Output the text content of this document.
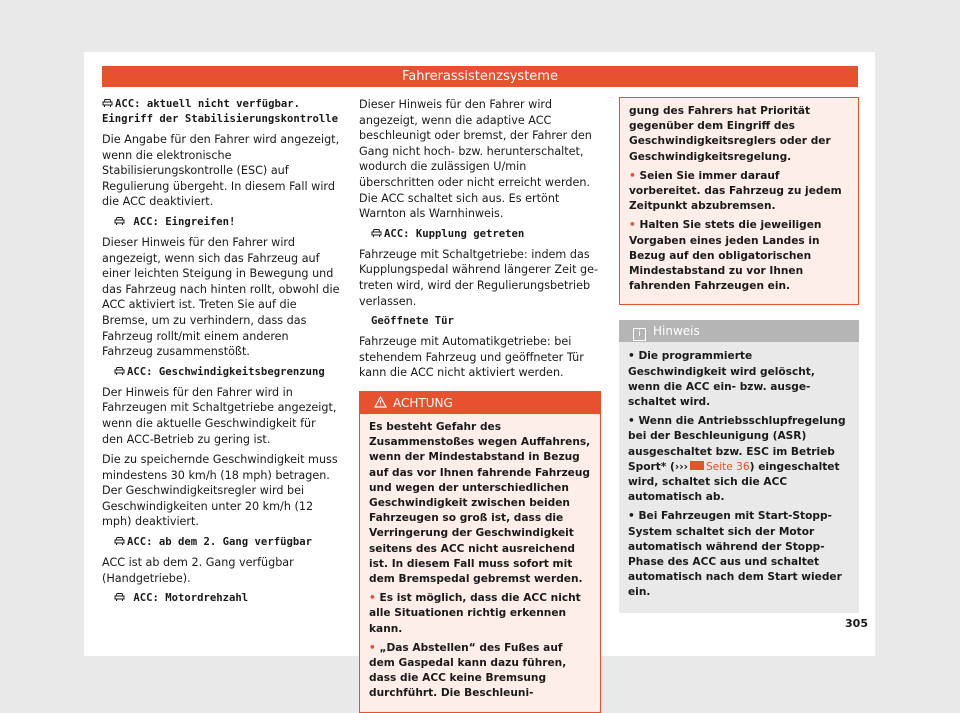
Fahrerassistenzsysteme
ACC: aktuell nicht verfügbar. Eingriff der Stabilisierungskontrolle

Die Angabe für den Fahrer wird angezeigt, wenn die elektronische Stabilisierungskontrolle (ESC) auf Regulierung übergeht. In diesem Fall wird die ACC deaktiviert.

ACC: Eingreifen!

Dieser Hinweis für den Fahrer wird angezeigt, wenn sich das Fahrzeug auf einer leichten Steigung in Bewegung und das Fahrzeug nach hinten rollt, obwohl die ACC aktiviert ist. Treten Sie auf die Bremse, um zu verhindern, dass das Fahrzeug rollt/mit einem anderen Fahrzeug zusammenstößt.

ACC: Geschwindigkeitsbegrenzung

Der Hinweis für den Fahrer wird in Fahrzeugen mit Schaltgetriebe angezeigt, wenn die aktuelle Geschwindigkeit für den ACC-Betrieb zu gering ist.

Die zu speichernde Geschwindigkeit muss mindestens 30 km/h (18 mph) betragen. Der Geschwindigkeitsregler wird bei Geschwindigkeiten unter 20 km/h (12 mph) deaktiviert.

ACC: ab dem 2. Gang verfügbar

ACC ist ab dem 2. Gang verfügbar (Handgetriebe).

ACC: Motordrehzahl

Dieser Hinweis für den Fahrer wird angezeigt, wenn die adaptive ACC beschleunigt oder bremst, der Fahrer den Gang nicht hoch- bzw. herunterschaltet, wodurch die zulässigen U/min überschritten oder nicht erreicht werden. Die ACC schaltet sich aus. Es ertönt Warnton als Warnhinweis.

ACC: Kupplung getreten

Fahrzeuge mit Schaltgetriebe: indem das Kupplungspedal während längerer Zeit getreten wird, wird der Regulierungsbetrieb verlassen.

Geöffnete Tür

Fahrzeuge mit Automatikgetriebe: bei stehendem Fahrzeug und geöffneter Tür kann die ACC nicht aktiviert werden.

ACHTUNG

Es besteht Gefahr des Zusammenstoßes wegen Auffahrens, wenn der Mindestabstand in Bezug auf das vor Ihnen fahrende Fahrzeug und wegen der unterschiedlichen Geschwindigkeit zwischen beiden Fahrzeugen so groß ist, dass die Verringerung der Geschwindigkeit seitens des ACC nicht ausreichend ist. In diesem Fall muss sofort mit dem Bremspedal gebremst werden.

• Es ist möglich, dass die ACC nicht alle Situationen richtig erkennen kann.

• „Das Abstellen“ des Fußes auf dem Gaspedal kann dazu führen, dass die ACC keine Bremsung durchführt. Die Beschleuni-

gung des Fahrers hat Priorität gegenüber dem Eingriff des Geschwindigkeitsreglers oder der Geschwindigkeitsregelung.

• Seien Sie immer darauf vorbereitet. das Fahrzeug zu jedem Zeitpunkt abzubremsen.

• Halten Sie stets die jeweiligen Vorgaben eines jeden Landes in Bezug auf den obligatorischen Mindestabstand zu vor Ihnen fahrenden Fahrzeugen ein.

i Hinweis

• Die programmierte Geschwindigkeit wird gelöscht, wenn die ACC ein- bzw. ausgeschaltet wird.

• Wenn die Antriebsschlupfregelung bei der Beschleunigung (ASR) ausgeschaltet bzw. ESC im Betrieb Sport* (››› Seite 36) eingeschaltet wird, schaltet sich die ACC automatisch ab.

• Bei Fahrzeugen mit Start-Stopp-System schaltet sich der Motor automatisch während der Stopp-Phase des ACC aus und schaltet automatisch nach dem Start wieder ein.

305
